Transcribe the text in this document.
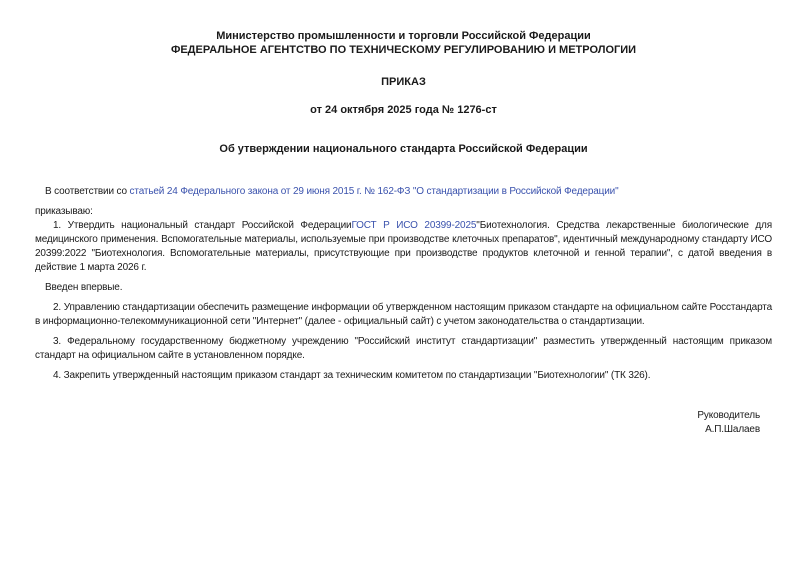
Министерство промышленности и торговли Российской Федерации
ФЕДЕРАЛЬНОЕ АГЕНТСТВО ПО ТЕХНИЧЕСКОМУ РЕГУЛИРОВАНИЮ И МЕТРОЛОГИИ
ПРИКАЗ
от 24 октября 2025 года № 1276-ст
Об утверждении национального стандарта Российской Федерации

В соответствии со статьей 24 Федерального закона от 29 июня 2015 г. № 162-ФЗ "О стандартизации в Российской Федерации"

приказываю:

1. Утвердить национальный стандарт Российской ФедерацииГОСТ Р ИСО 20399-2025"Биотехнология. Средства лекарственные биологические для медицинского применения. Вспомогательные материалы, используемые при производстве клеточных препаратов", идентичный международному стандарту ИСО 20399:2022 "Биотехнология. Вспомогательные материалы, присутствующие при производстве продуктов клеточной и генной терапии", с датой введения в действие 1 марта 2026 г.

Введен впервые.

2. Управлению стандартизации обеспечить размещение информации об утвержденном настоящим приказом стандарте на официальном сайте Росстандарта в информационно-телекоммуникационной сети "Интернет" (далее - официальный сайт) с учетом законодательства о стандартизации.

3. Федеральному государственному бюджетному учреждению "Российский институт стандартизации" разместить утвержденный настоящим приказом стандарт на официальном сайте в установленном порядке.

4. Закрепить утвержденный настоящим приказом стандарт за техническим комитетом по стандартизации "Биотехнологии" (ТК 326).

Руководитель
А.П.Шалаев
